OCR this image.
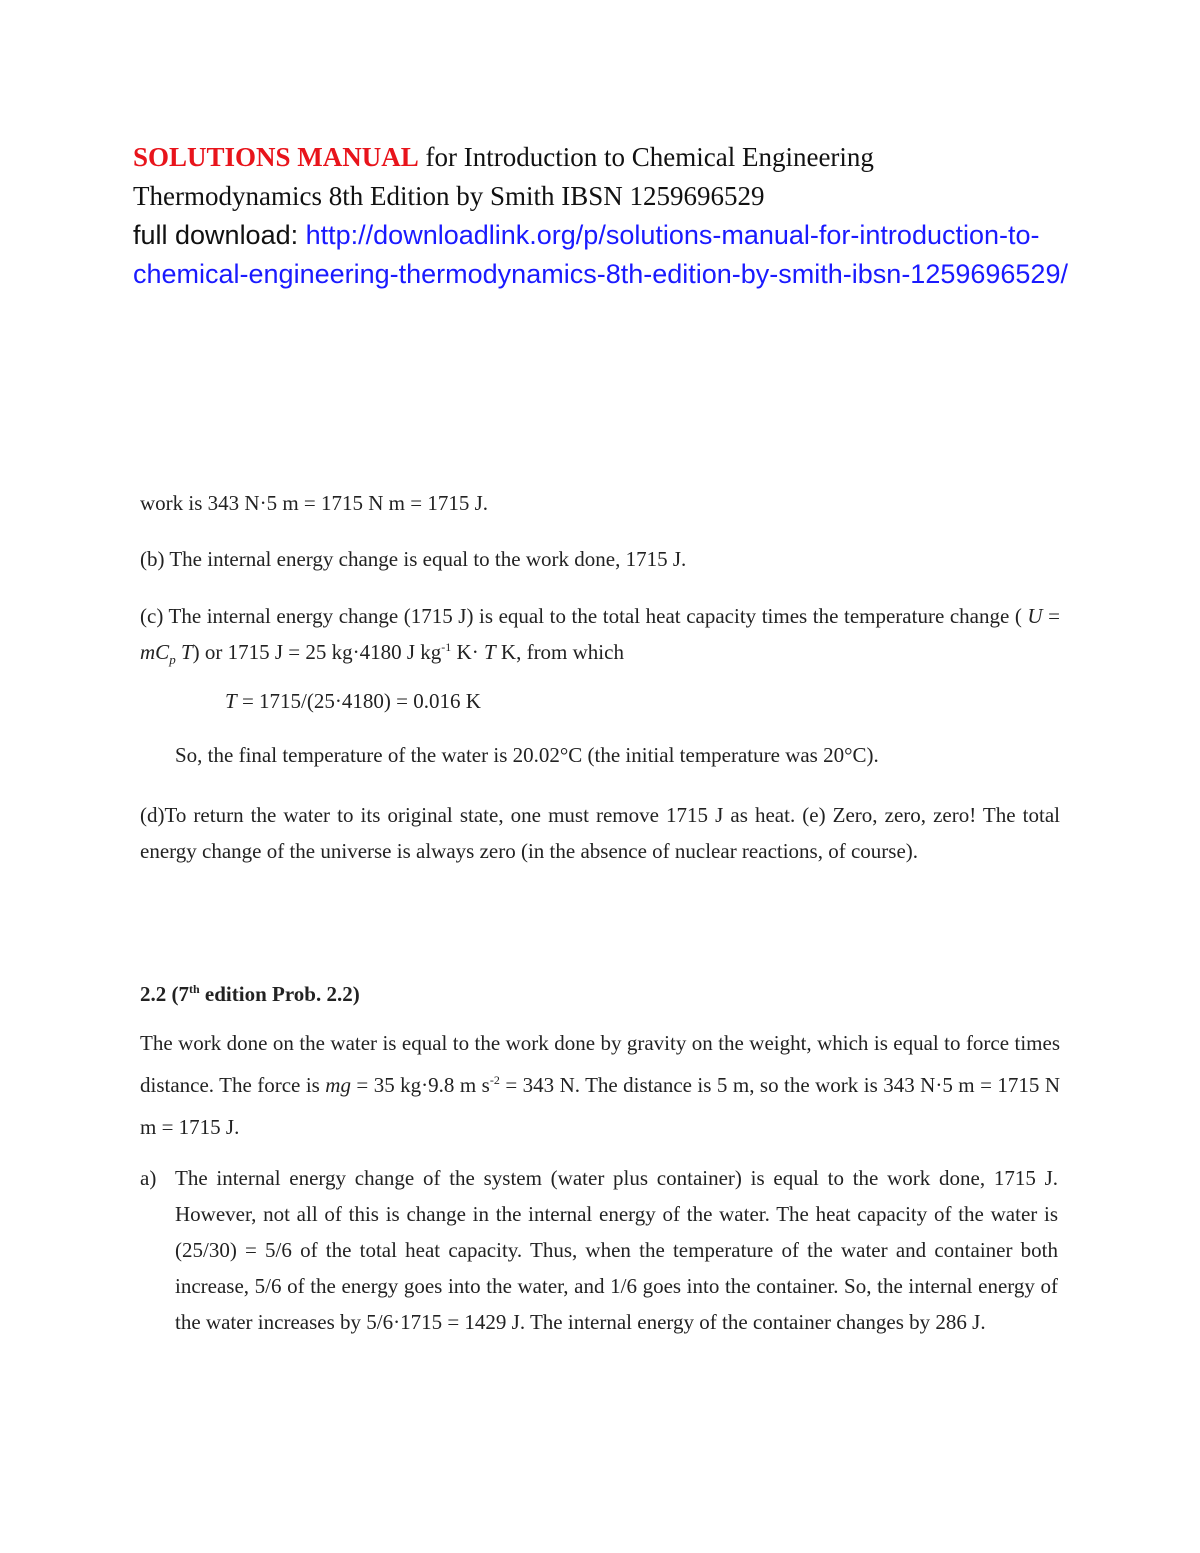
SOLUTIONS MANUAL for Introduction to Chemical Engineering
Thermodynamics 8th Edition by Smith IBSN 1259696529
full download: http://downloadlink.org/p/solutions-manual-for-introduction-to-
chemical-engineering-thermodynamics-8th-edition-by-smith-ibsn-1259696529/
work is 343 N·5 m = 1715 N m = 1715 J.
(b) The internal energy change is equal to the work done, 1715 J.
(c) The internal energy change (1715 J) is equal to the total heat capacity times the temperature change ( $U = mC_p$ T) or 1715 J = 25 kg·4180 J $kg^{-1}$ K· T K, from which
T = 1715/(25·4180) = 0.016 K
So, the final temperature of the water is 20.02°C (the initial temperature was 20°C).
(d)To return the water to its original state, one must remove 1715 J as heat. (e) Zero, zero, zero! The total energy change of the universe is always zero (in the absence of nuclear reactions, of course).
2.2 (7th edition Prob. 2.2)
The work done on the water is equal to the work done by gravity on the weight, which is equal to force times distance. The force is mg = 35 kg·9.8 m $s^{-2} = 343$ N. The distance is 5 m, so the work is 343 N·5 m = 1715 N m = 1715 J.
a) The internal energy change of the system (water plus container) is equal to the work done, 1715 J. However, not all of this is change in the internal energy of the water. The heat capacity of the water is (25/30) = 5/6 of the total heat capacity. Thus, when the temperature of the water and container both increase, 5/6 of the energy goes into the water, and 1/6 goes into the container. So, the internal energy of the water increases by 5/6·1715 = 1429 J. The internal energy of the container changes by 286 J.
